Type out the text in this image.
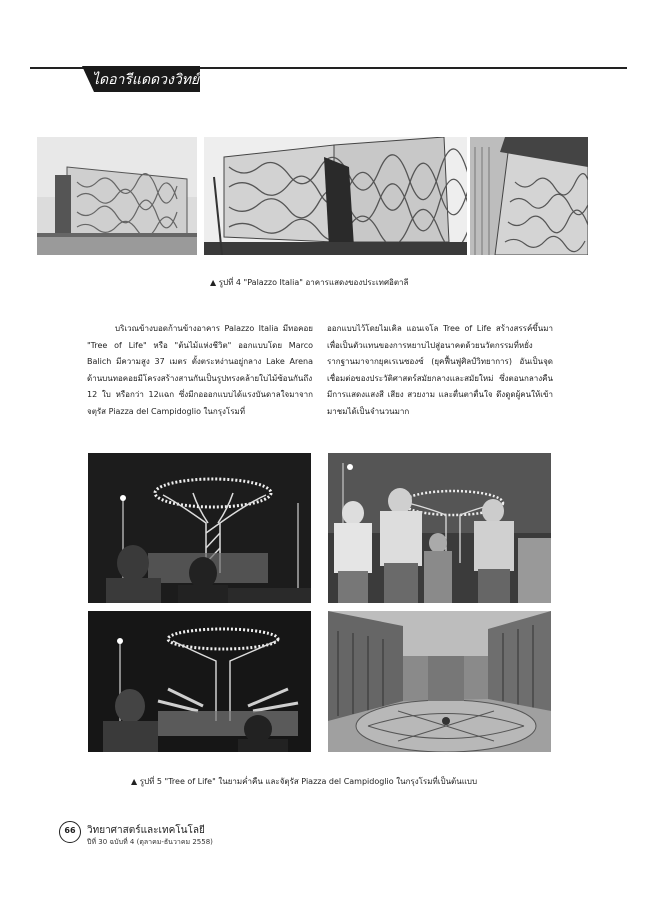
ไดอารีแดดวงวิทย์
▲ รูปที่ 4 "Palazzo Italia" อาคารแสดงของประเทศอิตาลี

บริเวณข้างบอดก้านข้างอาคาร Palazzo Italia มีทอคอย "Tree of Life" หรือ "ต้นไม้แห่งชีวิต" ออกแบบโดย Marco Balich มีความสูง 37 เมตร ตั้งตระหง่านอยู่กลาง Lake Arena ด้านบนทอคอยมีโครงสร้างสานกันเป็นรูปทรงคล้ายใบไม้ซ้อนกันถึง 12 ใบ หรือกว่า 12แฉก ซึ่งมีกอออกแบบได้แรงบันดาลใจมาจากจตุรัส Piazza del Campidoglio ในกรุงโรมที่

ออกแบบไว้โดยไมเคิล แอนเจโล Tree of Life สร้างสรรค์ขึ้นมาเพื่อเป็นตัวแทนของการหยาบไปสู่อนาคตด้วยนวัตกรรมที่หยั่งรากฐานมาจากยุคเรเนซองซ์ (ยุคฟื้นฟูศิลป์วิทยาการ) อันเป็นจุดเชื่อมต่อของประวัติศาสตร์สมัยกลางและสมัยใหม่ ซึ่งตอนกลางคืนมีการแสดงแสงสี เสียง สวยงาม และตื่นตาตื่นใจ ดึงดูดผู้คนให้เข้ามาชมได้เป็นจำนวนมาก

▲ รูปที่ 5 "Tree of Life" ในยามค่ำคืน และจัตุรัส Piazza del Campidoglio ในกรุงโรมที่เป็นต้นแบบ
66	วิทยาศาสตร์และเทคโนโลยี
ปีที่ 30 ฉบับที่ 4 (ตุลาคม-ธันวาคม 2558)
